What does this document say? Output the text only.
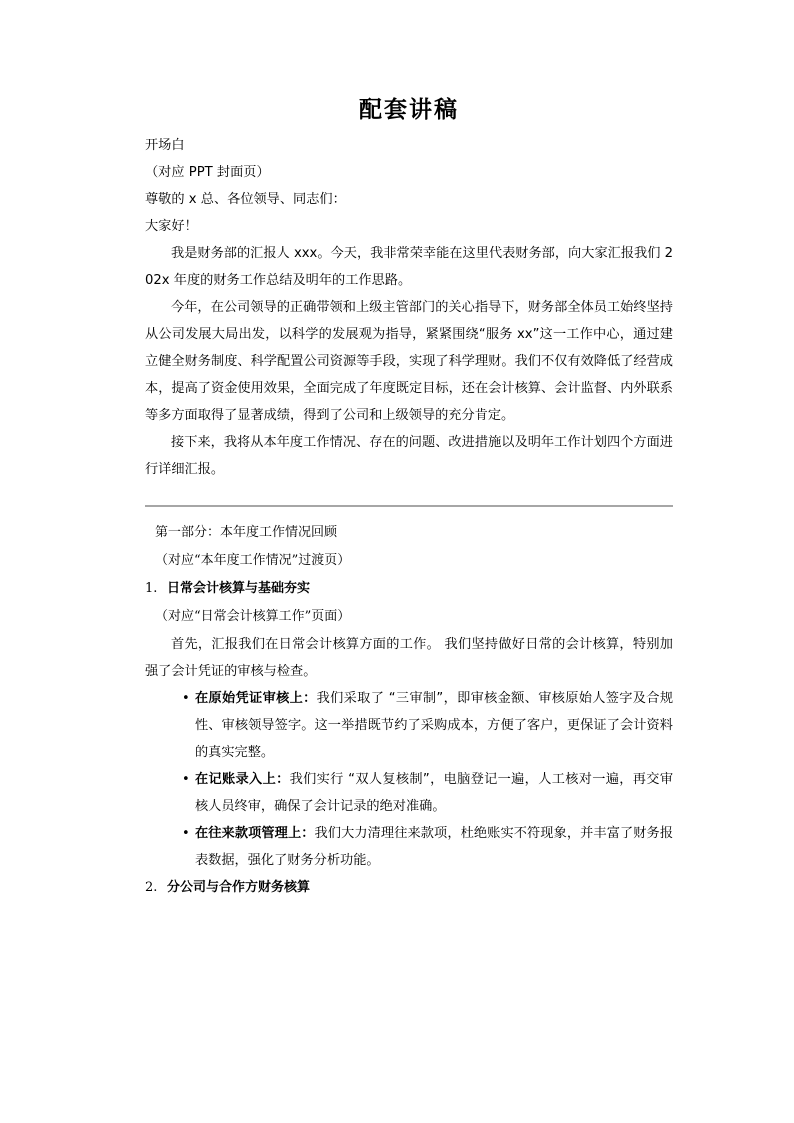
配套讲稿

开场白

（对应 PPT 封面页）

尊敬的 x 总、各位领导、同志们：

大家好！

我是财务部的汇报人 xxx。今天，我非常荣幸能在这里代表财务部，向大家汇报我们 202x 年度的财务工作总结及明年的工作思路。

今年，在公司领导的正确带领和上级主管部门的关心指导下，财务部全体员工始终坚持从公司发展大局出发，以科学的发展观为指导，紧紧围绕“服务 xx”这一工作中心，通过建立健全财务制度、科学配置公司资源等手段，实现了科学理财。我们不仅有效降低了经营成本，提高了资金使用效果，全面完成了年度既定目标，还在会计核算、会计监督、内外联系等多方面取得了显著成绩，得到了公司和上级领导的充分肯定。

接下来，我将从本年度工作情况、存在的问题、改进措施以及明年工作计划四个方面进行详细汇报。

第一部分：本年度工作情况回顾

（对应“本年度工作情况”过渡页）

1. 日常会计核算与基础夯实

（对应“日常会计核算工作”页面）

首先，汇报我们在日常会计核算方面的工作。 我们坚持做好日常的会计核算，特别加强了会计凭证的审核与检查。

• 在原始凭证审核上：我们采取了 “三审制”，即审核金额、审核原始人签字及合规性、审核领导签字。这一举措既节约了采购成本，方便了客户，更保证了会计资料的真实完整。
• 在记账录入上：我们实行 “双人复核制”，电脑登记一遍，人工核对一遍，再交审核人员终审，确保了会计记录的绝对准确。
• 在往来款项管理上：我们大力清理往来款项，杜绝账实不符现象，并丰富了财务报表数据，强化了财务分析功能。

2. 分公司与合作方财务核算
